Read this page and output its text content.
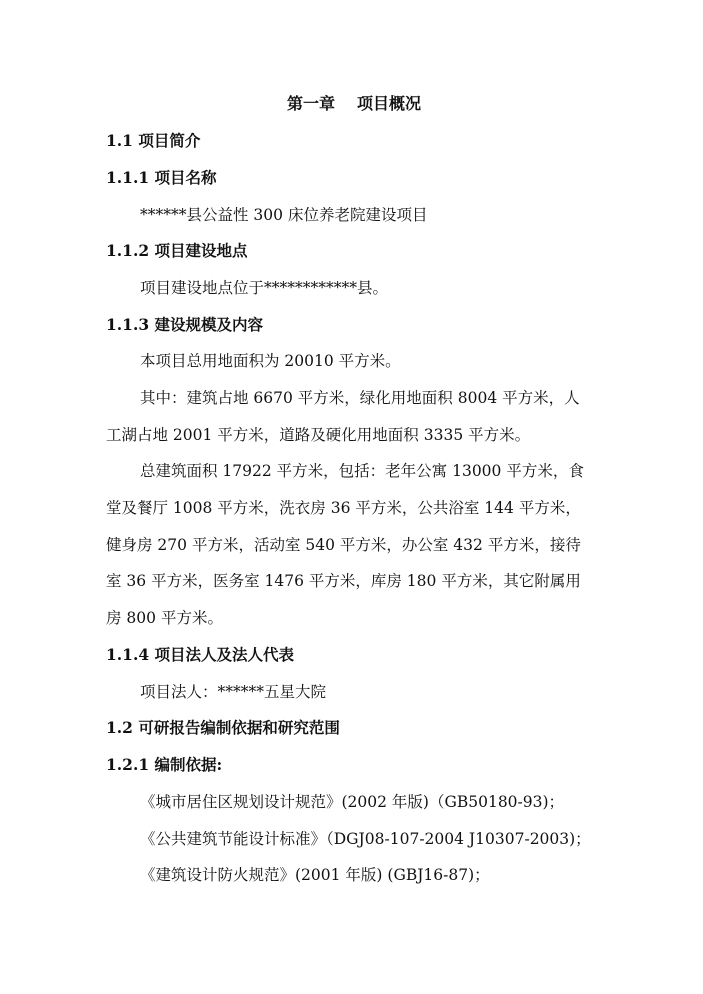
第一章 项目概况
1.1 项目简介
1.1.1 项目名称
******县公益性 300 床位养老院建设项目
1.1.2 项目建设地点
项目建设地点位于************县。
1.1.3 建设规模及内容
本项目总用地面积为 20010 平方米。
其中：建筑占地 6670 平方米，绿化用地面积 8004 平方米，人
工湖占地 2001 平方米，道路及硬化用地面积 3335 平方米。
总建筑面积 17922 平方米，包括：老年公寓 13000 平方米，食
堂及餐厅 1008 平方米，洗衣房 36 平方米，公共浴室 144 平方米，
健身房 270 平方米，活动室 540 平方米，办公室 432 平方米，接待
室 36 平方米，医务室 1476 平方米，库房 180 平方米，其它附属用
房 800 平方米。
1.1.4 项目法人及法人代表
项目法人：******五星大院
1.2 可研报告编制依据和研究范围
1.2.1 编制依据:
《城市居住区规划设计规范》(2002 年版)（GB50180-93)；
《公共建筑节能设计标准》（DGJ08-107-2004 J10307-2003)；
《建筑设计防火规范》(2001 年版) (GBJ16-87)；
